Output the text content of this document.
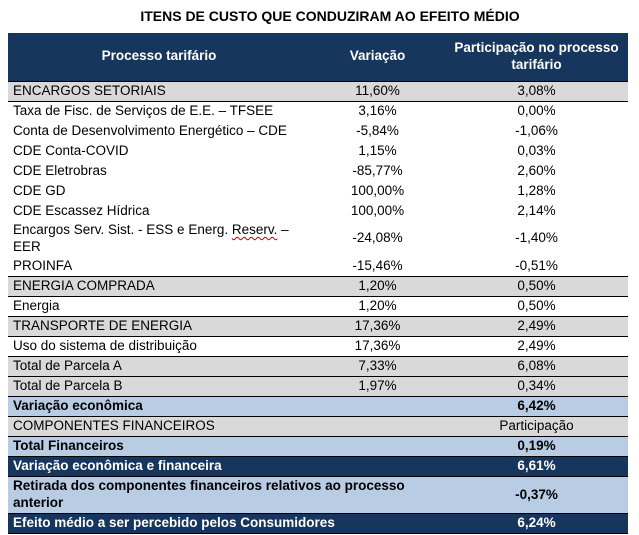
ITENS DE CUSTO QUE CONDUZIRAM AO EFEITO MÉDIO
Processo tarifário	Variação	Participação no processo tarifário
ENCARGOS SETORIAIS	11,60%	3,08%
Taxa de Fisc. de Serviços de E.E. – TFSEE	3,16%	0,00%
Conta de Desenvolvimento Energético – CDE	-5,84%	-1,06%
CDE Conta-COVID	1,15%	0,03%
CDE Eletrobras	-85,77%	2,60%
CDE GD	100,00%	1,28%
CDE Escassez Hídrica	100,00%	2,14%
Encargos Serv. Sist. - ESS e Energ. Reserv. – EER	-24,08%	-1,40%
PROINFA	-15,46%	-0,51%
ENERGIA COMPRADA	1,20%	0,50%
Energia	1,20%	0,50%
TRANSPORTE DE ENERGIA	17,36%	2,49%
Uso do sistema de distribuição	17,36%	2,49%
Total de Parcela A	7,33%	6,08%
Total de Parcela B	1,97%	0,34%
Variação econômica		6,42%
COMPONENTES FINANCEIROS		Participação
Total Financeiros		0,19%
Variação econômica e financeira		6,61%
Retirada dos componentes financeiros relativos ao processo anterior		-0,37%
Efeito médio a ser percebido pelos Consumidores		6,24%
